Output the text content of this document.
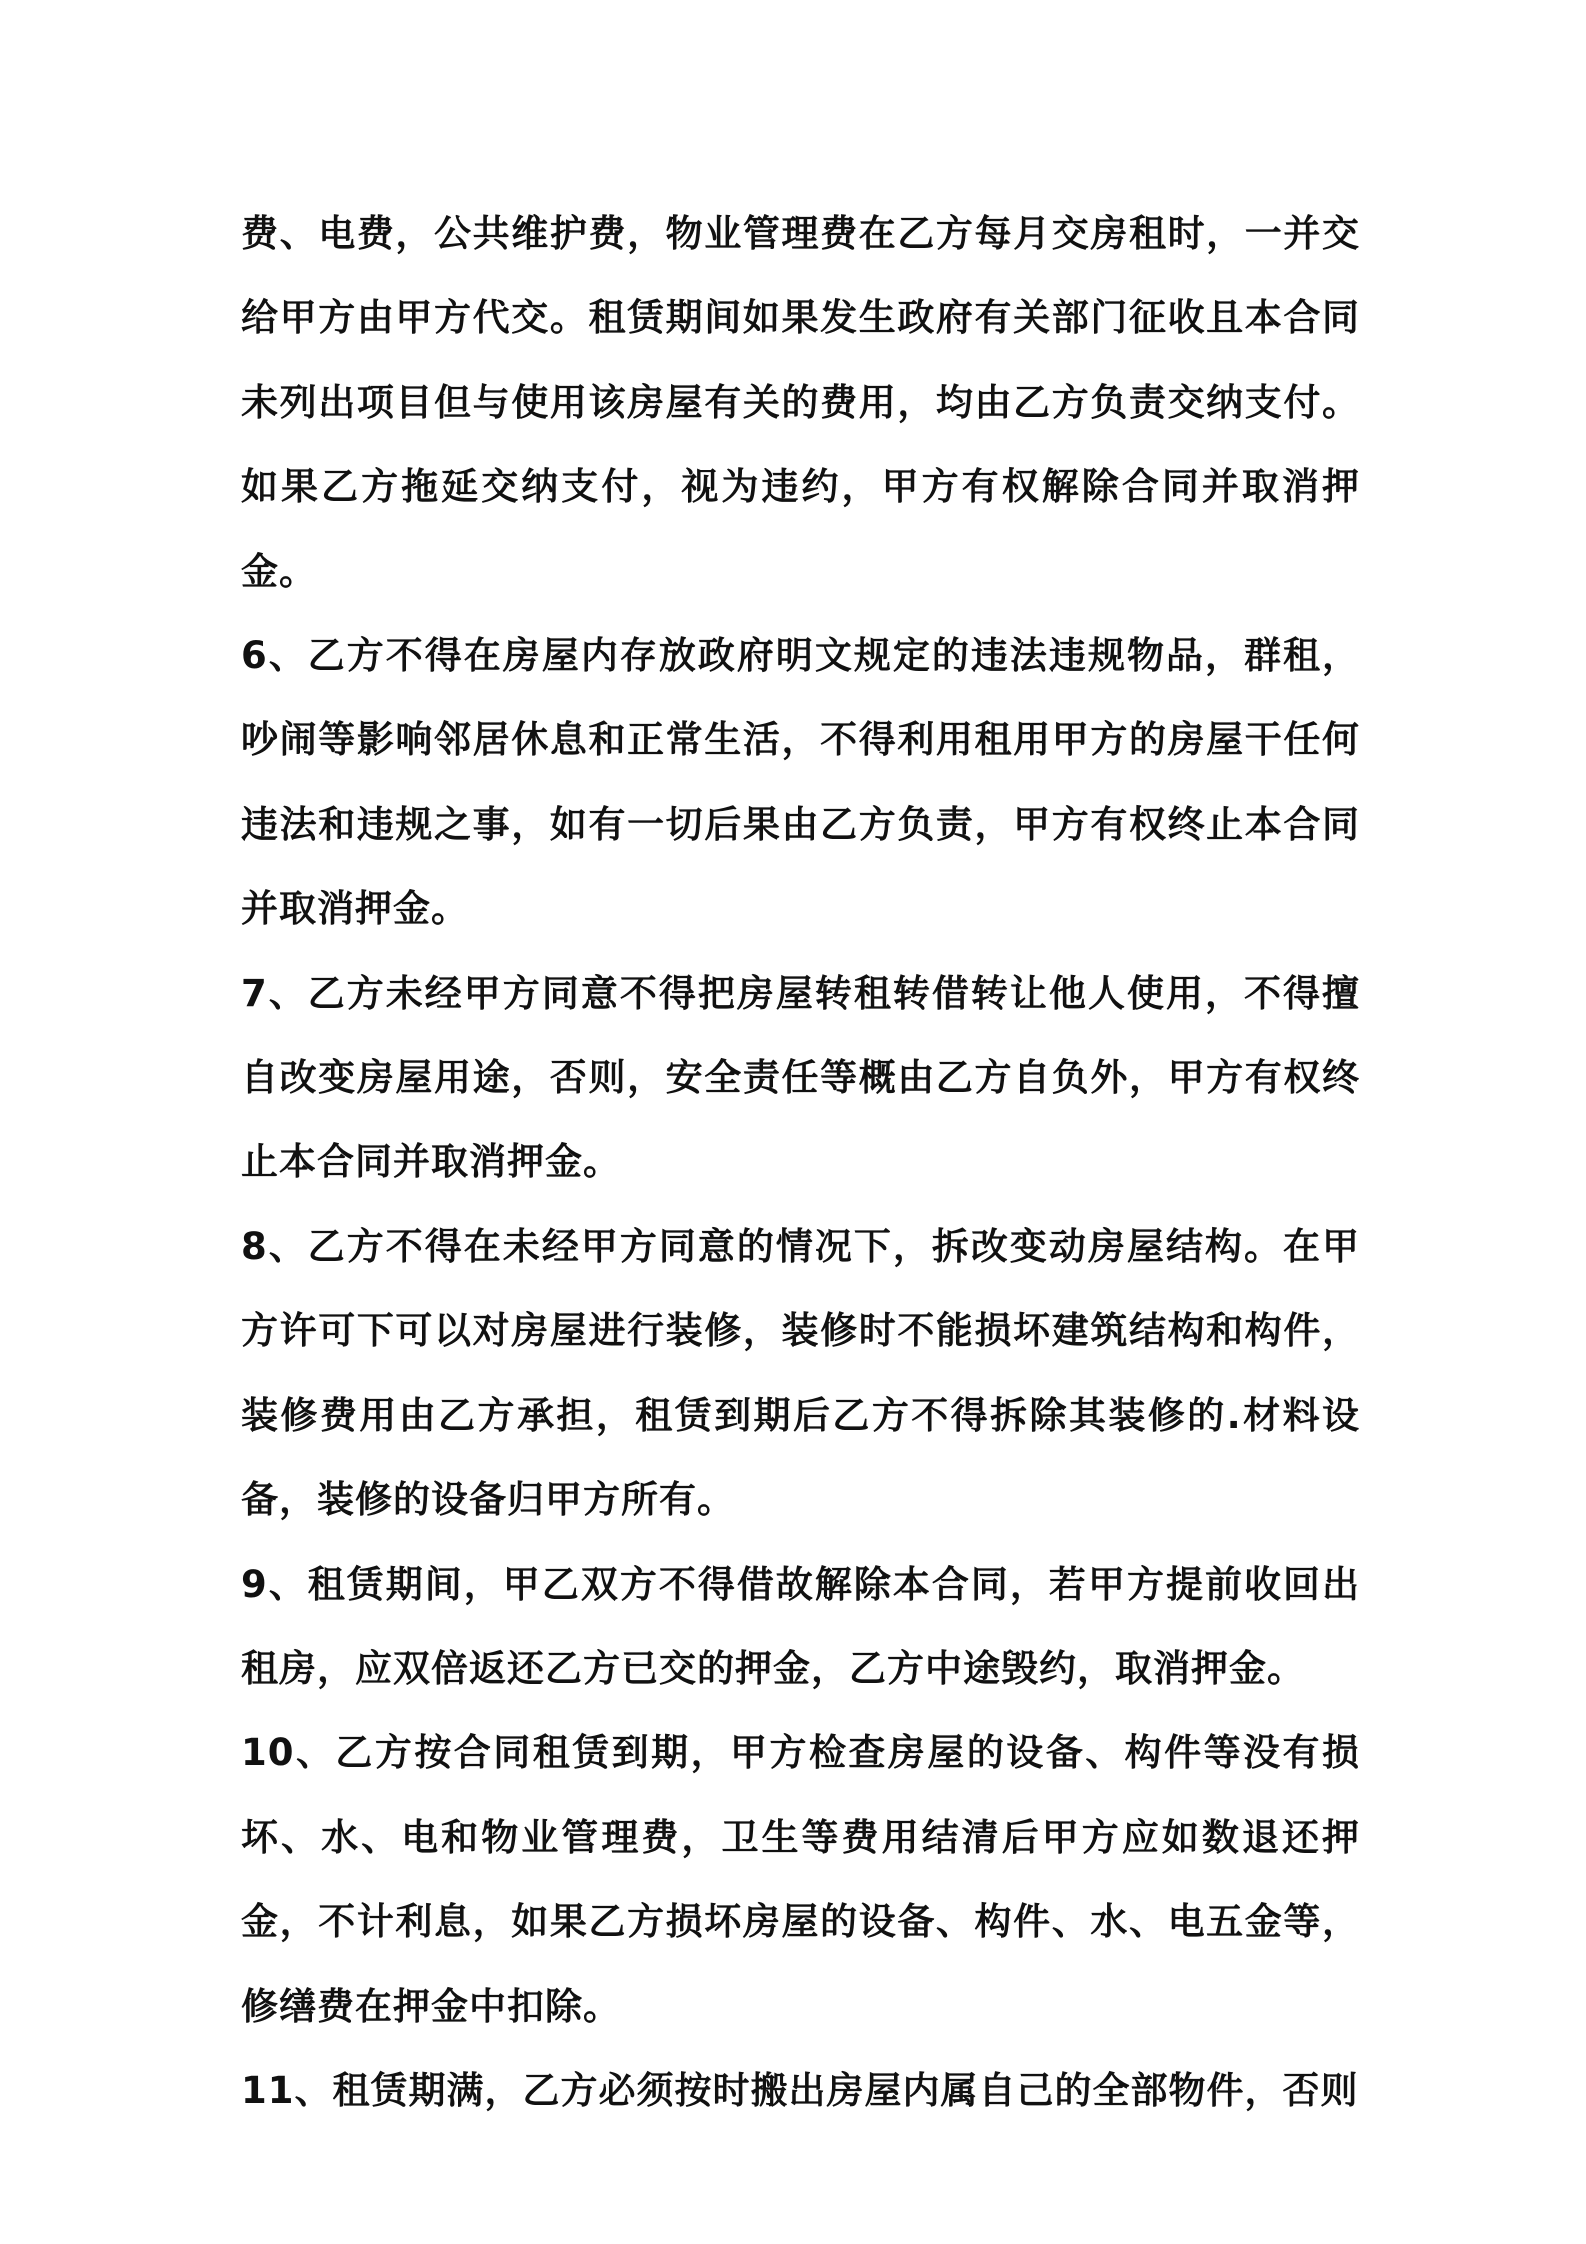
费、电费，公共维护费，物业管理费在乙方每月交房租时，一并交给甲方由甲方代交。租赁期间如果发生政府有关部门征收且本合同未列出项目但与使用该房屋有关的费用，均由乙方负责交纳支付。如果乙方拖延交纳支付，视为违约，甲方有权解除合同并取消押金。

6、乙方不得在房屋内存放政府明文规定的违法违规物品，群租，吵闹等影响邻居休息和正常生活，不得利用租用甲方的房屋干任何违法和违规之事，如有一切后果由乙方负责，甲方有权终止本合同并取消押金。

7、乙方未经甲方同意不得把房屋转租转借转让他人使用，不得擅自改变房屋用途，否则，安全责任等概由乙方自负外，甲方有权终止本合同并取消押金。

8、乙方不得在未经甲方同意的情况下，拆改变动房屋结构。在甲方许可下可以对房屋进行装修，装修时不能损坏建筑结构和构件，装修费用由乙方承担，租赁到期后乙方不得拆除其装修的.材料设备，装修的设备归甲方所有。

9、租赁期间，甲乙双方不得借故解除本合同，若甲方提前收回出租房，应双倍返还乙方已交的押金，乙方中途毁约，取消押金。

10、乙方按合同租赁到期，甲方检查房屋的设备、构件等没有损坏、水、电和物业管理费，卫生等费用结清后甲方应如数退还押金，不计利息，如果乙方损坏房屋的设备、构件、水、电五金等，修缮费在押金中扣除。

11、租赁期满，乙方必须按时搬出房屋内属自己的全部物件，否则
